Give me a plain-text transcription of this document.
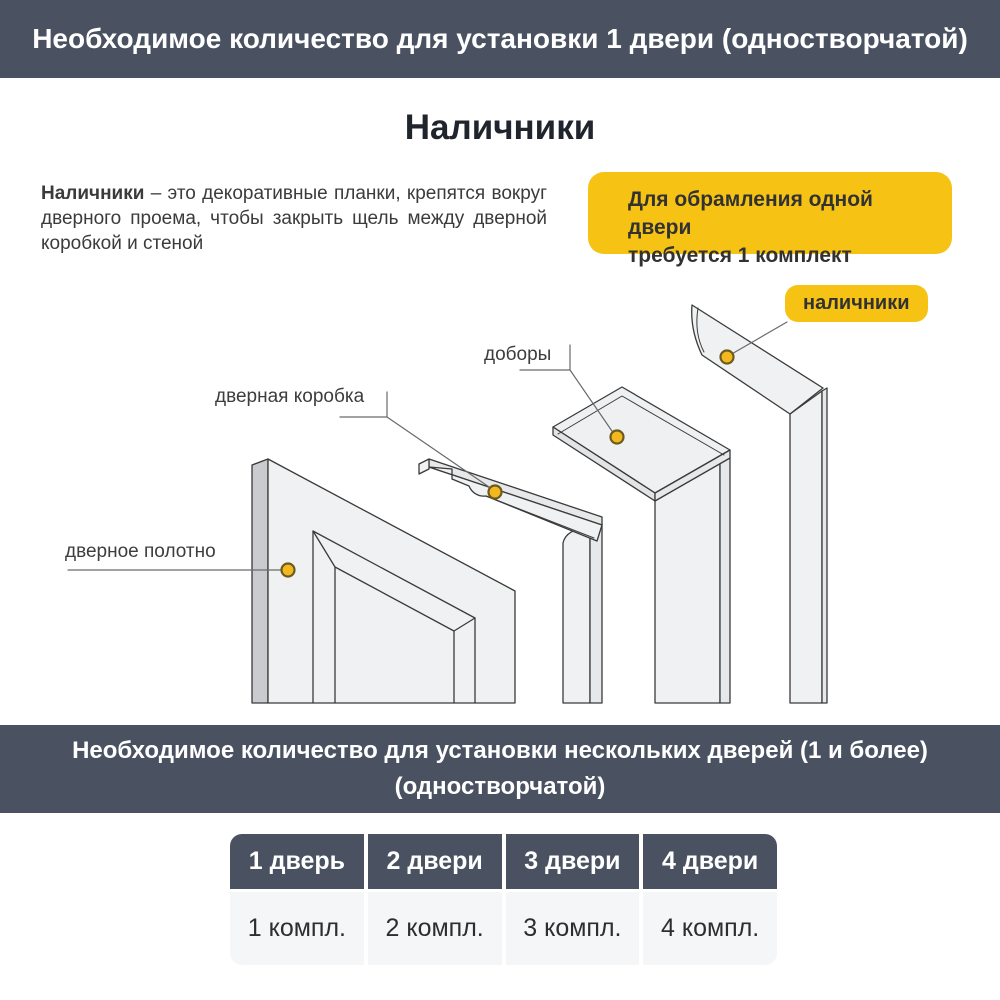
Необходимое количество для установки 1 двери (одностворчатой)
Наличники
Наличники – это декоративные планки, крепятся вокруг дверного проема, чтобы закрыть щель между дверной коробкой и стеной
Для обрамления одной двери
требуется 1 комплект
дверное полотно
дверная коробка
доборы
наличники
Необходимое количество для установки нескольких дверей (1 и более)
(одностворчатой)
1 дверь
1 компл.
2 двери
2 компл.
3 двери
3 компл.
4 двери
4 компл.
